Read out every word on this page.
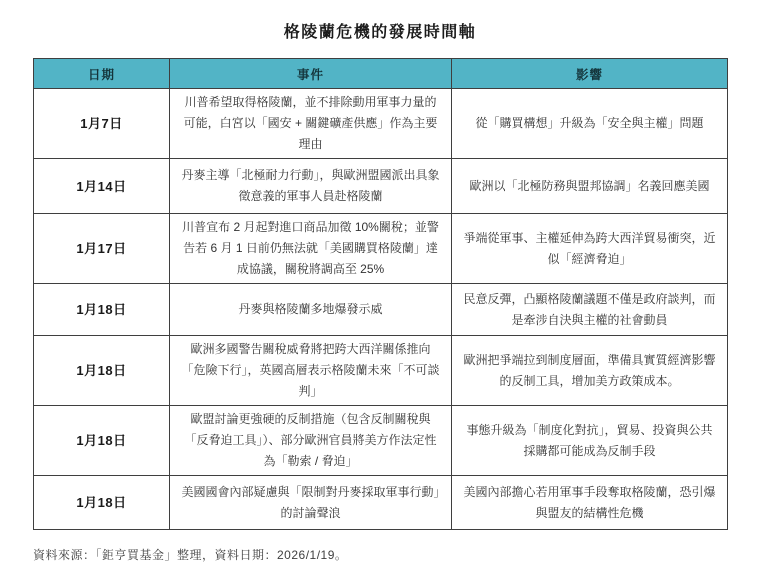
格陵蘭危機的發展時間軸
日期	事件	影響
1月7日	川普希望取得格陵蘭，並不排除動用軍事力量的可能，白宮以「國安 + 關鍵礦產供應」作為主要理由	從「購買構想」升級為「安全與主權」問題
1月14日	丹麥主導「北極耐力行動」，與歐洲盟國派出具象徵意義的軍事人員赴格陵蘭	歐洲以「北極防務與盟邦協調」名義回應美國
1月17日	川普宣布 2 月起對進口商品加徵 10%關稅；並警告若 6 月 1 日前仍無法就「美國購買格陵蘭」達成協議，關稅將調高至 25%	爭端從軍事、主權延伸為跨大西洋貿易衝突，近似「經濟脅迫」
1月18日	丹麥與格陵蘭多地爆發示威	民意反彈，凸顯格陵蘭議題不僅是政府談判，而是牽涉自決與主權的社會動員
1月18日	歐洲多國警告關稅威脅將把跨大西洋關係推向「危險下行」，英國高層表示格陵蘭未來「不可談判」	歐洲把爭端拉到制度層面，準備具實質經濟影響的反制工具，增加美方政策成本。
1月18日	歐盟討論更強硬的反制措施（包含反制關稅與「反脅迫工具」）、部分歐洲官員將美方作法定性為「勒索 / 脅迫」	事態升級為「制度化對抗」，貿易、投資與公共採購都可能成為反制手段
1月18日	美國國會內部疑慮與「限制對丹麥採取軍事行動」的討論聲浪	美國內部擔心若用軍事手段奪取格陵蘭，恐引爆與盟友的結構性危機
資料來源：「鉅亨買基金」整理，資料日期：2026/1/19。
